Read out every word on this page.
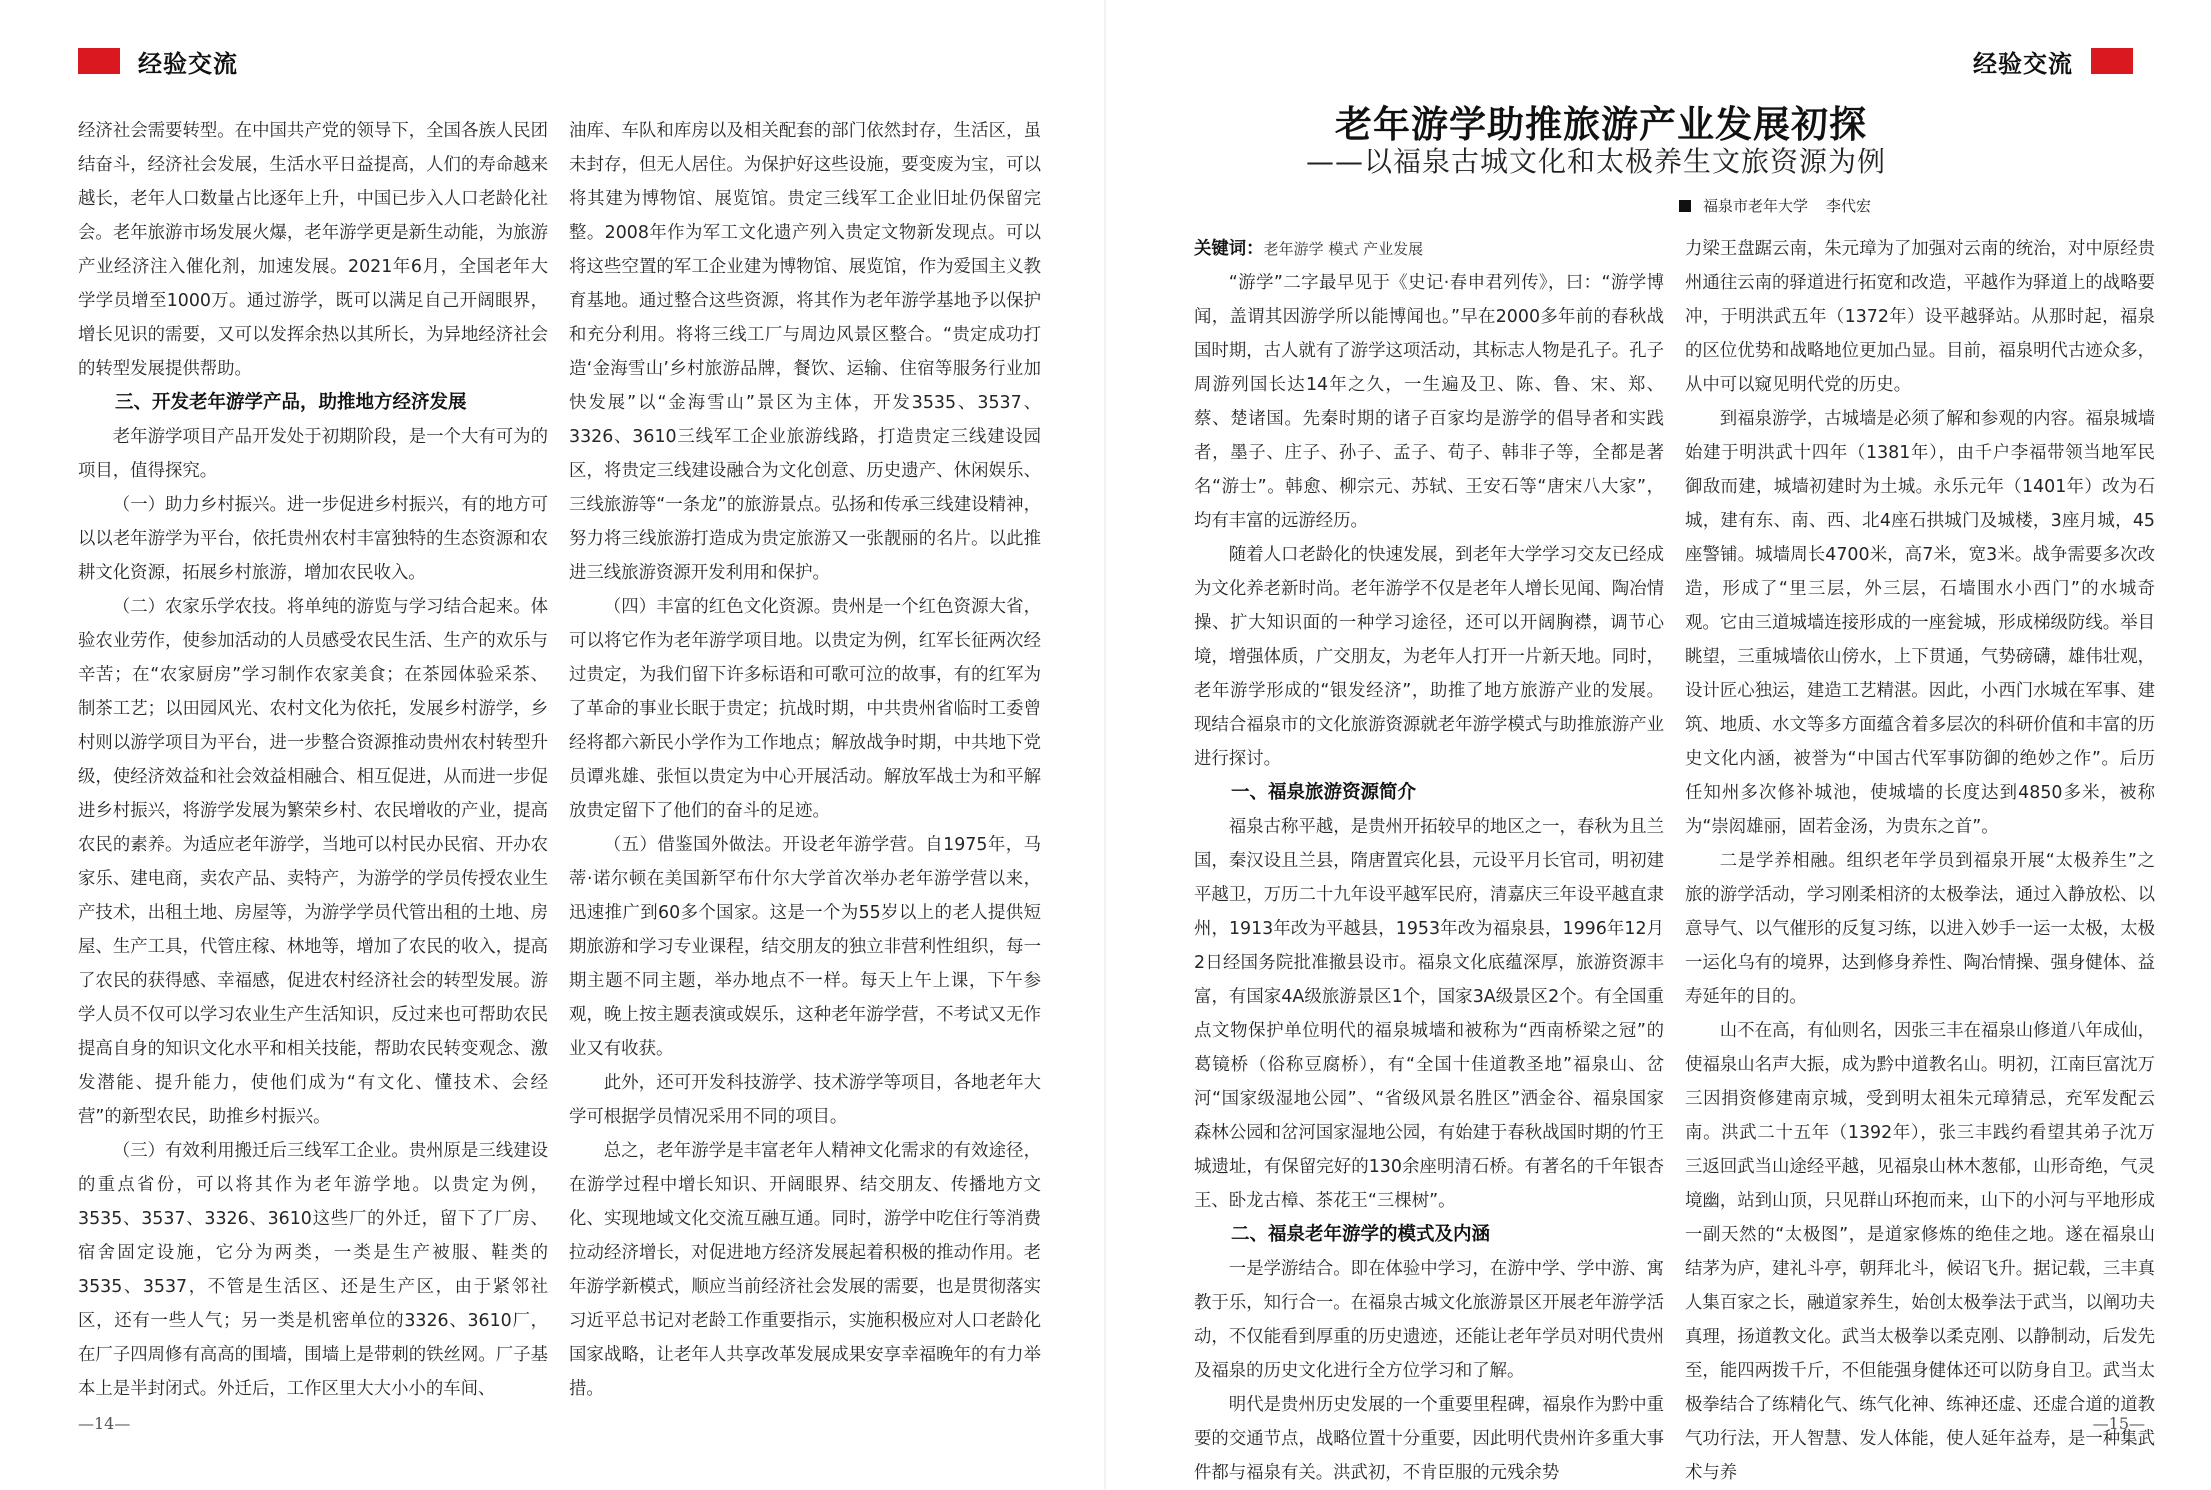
经验交流

经济社会需要转型。在中国共产党的领导下，全国各族人民团结奋斗，经济社会发展，生活水平日益提高，人们的寿命越来越长，老年人口数量占比逐年上升，中国已步入人口老龄化社会。老年旅游市场发展火爆，老年游学更是新生动能，为旅游产业经济注入催化剂，加速发展。2021年6月，全国老年大学学员增至1000万。通过游学，既可以满足自己开阔眼界，增长见识的需要，又可以发挥余热以其所长，为异地经济社会的转型发展提供帮助。

三、开发老年游学产品，助推地方经济发展

老年游学项目产品开发处于初期阶段，是一个大有可为的项目，值得探究。

（一）助力乡村振兴。进一步促进乡村振兴，有的地方可以以老年游学为平台，依托贵州农村丰富独特的生态资源和农耕文化资源，拓展乡村旅游，增加农民收入。

（二）农家乐学农技。将单纯的游览与学习结合起来。体验农业劳作，使参加活动的人员感受农民生活、生产的欢乐与辛苦；在“农家厨房”学习制作农家美食；在茶园体验采茶、制茶工艺；以田园风光、农村文化为依托，发展乡村游学，乡村则以游学项目为平台，进一步整合资源推动贵州农村转型升级，使经济效益和社会效益相融合、相互促进，从而进一步促进乡村振兴，将游学发展为繁荣乡村、农民增收的产业，提高农民的素养。为适应老年游学，当地可以村民办民宿、开办农家乐、建电商，卖农产品、卖特产，为游学的学员传授农业生产技术，出租土地、房屋等，为游学学员代管出租的土地、房屋、生产工具，代管庄稼、林地等，增加了农民的收入，提高了农民的获得感、幸福感，促进农村经济社会的转型发展。游学人员不仅可以学习农业生产生活知识，反过来也可帮助农民提高自身的知识文化水平和相关技能，帮助农民转变观念、激发潜能、提升能力，使他们成为“有文化、懂技术、会经营”的新型农民，助推乡村振兴。

（三）有效利用搬迁后三线军工企业。贵州原是三线建设的重点省份，可以将其作为老年游学地。以贵定为例，3535、3537、3326、3610这些厂的外迁，留下了厂房、宿舍固定设施，它分为两类，一类是生产被服、鞋类的3535、3537，不管是生活区、还是生产区，由于紧邻社区，还有一些人气；另一类是机密单位的3326、3610厂，在厂子四周修有高高的围墙，围墙上是带刺的铁丝网。厂子基本上是半封闭式。外迁后，工作区里大大小小的车间、

油库、车队和库房以及相关配套的部门依然封存，生活区，虽未封存，但无人居住。为保护好这些设施，要变废为宝，可以将其建为博物馆、展览馆。贵定三线军工企业旧址仍保留完整。2008年作为军工文化遗产列入贵定文物新发现点。可以将这些空置的军工企业建为博物馆、展览馆，作为爱国主义教育基地。通过整合这些资源，将其作为老年游学基地予以保护和充分利用。将将三线工厂与周边风景区整合。“贵定成功打造‘金海雪山’乡村旅游品牌，餐饮、运输、住宿等服务行业加快发展”以“金海雪山”景区为主体，开发3535、3537、3326、3610三线军工企业旅游线路，打造贵定三线建设园区，将贵定三线建设融合为文化创意、历史遗产、休闲娱乐、三线旅游等“一条龙”的旅游景点。弘扬和传承三线建设精神，努力将三线旅游打造成为贵定旅游又一张靓丽的名片。以此推进三线旅游资源开发利用和保护。

（四）丰富的红色文化资源。贵州是一个红色资源大省，可以将它作为老年游学项目地。以贵定为例，红军长征两次经过贵定，为我们留下许多标语和可歌可泣的故事，有的红军为了革命的事业长眠于贵定；抗战时期，中共贵州省临时工委曾经将都六新民小学作为工作地点；解放战争时期，中共地下党员谭兆雄、张恒以贵定为中心开展活动。解放军战士为和平解放贵定留下了他们的奋斗的足迹。

（五）借鉴国外做法。开设老年游学营。自1975年，马蒂·诺尔顿在美国新罕布什尔大学首次举办老年游学营以来，迅速推广到60多个国家。这是一个为55岁以上的老人提供短期旅游和学习专业课程，结交朋友的独立非营利性组织，每一期主题不同主题，举办地点不一样。每天上午上课，下午参观，晚上按主题表演或娱乐，这种老年游学营，不考试又无作业又有收获。

此外，还可开发科技游学、技术游学等项目，各地老年大学可根据学员情况采用不同的项目。

总之，老年游学是丰富老年人精神文化需求的有效途径，在游学过程中增长知识、开阔眼界、结交朋友、传播地方文化、实现地域文化交流互融互通。同时，游学中吃住行等消费拉动经济增长，对促进地方经济发展起着积极的推动作用。老年游学新模式，顺应当前经济社会发展的需要，也是贯彻落实习近平总书记对老龄工作重要指示，实施积极应对人口老龄化国家战略，让老年人共享改革发展成果安享幸福晚年的有力举措。

—14—
经验交流
老年游学助推旅游产业发展初探
——以福泉古城文化和太极养生文旅资源为例
福泉市老年大学 李代宏

关键词：老年游学 模式 产业发展

“游学”二字最早见于《史记·春申君列传》，曰：“游学博闻，盖谓其因游学所以能博闻也。”早在2000多年前的春秋战国时期，古人就有了游学这项活动，其标志人物是孔子。孔子周游列国长达14年之久，一生遍及卫、陈、鲁、宋、郑、蔡、楚诸国。先秦时期的诸子百家均是游学的倡导者和实践者，墨子、庄子、孙子、孟子、荀子、韩非子等，全都是著名“游士”。韩愈、柳宗元、苏轼、王安石等“唐宋八大家”，均有丰富的远游经历。

随着人口老龄化的快速发展，到老年大学学习交友已经成为文化养老新时尚。老年游学不仅是老年人增长见闻、陶冶情操、扩大知识面的一种学习途径，还可以开阔胸襟，调节心境，增强体质，广交朋友，为老年人打开一片新天地。同时，老年游学形成的“银发经济”，助推了地方旅游产业的发展。现结合福泉市的文化旅游资源就老年游学模式与助推旅游产业进行探讨。

一、福泉旅游资源简介

福泉古称平越，是贵州开拓较早的地区之一，春秋为且兰国，秦汉设且兰县，隋唐置宾化县，元设平月长官司，明初建平越卫，万历二十九年设平越军民府，清嘉庆三年设平越直隶州，1913年改为平越县，1953年改为福泉县，1996年12月2日经国务院批准撤县设市。福泉文化底蕴深厚，旅游资源丰富，有国家4A级旅游景区1个，国家3A级景区2个。有全国重点文物保护单位明代的福泉城墙和被称为“西南桥梁之冠”的葛镜桥（俗称豆腐桥），有“全国十佳道教圣地”福泉山、岔河“国家级湿地公园”、“省级风景名胜区”洒金谷、福泉国家森林公园和岔河国家湿地公园，有始建于春秋战国时期的竹王城遗址，有保留完好的130余座明清石桥。有著名的千年银杏王、卧龙古樟、茶花王“三棵树”。

二、福泉老年游学的模式及内涵

一是学游结合。即在体验中学习，在游中学、学中游、寓教于乐，知行合一。在福泉古城文化旅游景区开展老年游学活动，不仅能看到厚重的历史遗迹，还能让老年学员对明代贵州及福泉的历史文化进行全方位学习和了解。

明代是贵州历史发展的一个重要里程碑，福泉作为黔中重要的交通节点，战略位置十分重要，因此明代贵州许多重大事件都与福泉有关。洪武初，不肯臣服的元残余势

力梁王盘踞云南，朱元璋为了加强对云南的统治，对中原经贵州通往云南的驿道进行拓宽和改造，平越作为驿道上的战略要冲，于明洪武五年（1372年）设平越驿站。从那时起，福泉的区位优势和战略地位更加凸显。目前，福泉明代古迹众多，从中可以窥见明代党的历史。

到福泉游学，古城墙是必须了解和参观的内容。福泉城墙始建于明洪武十四年（1381年），由千户李福带领当地军民御敌而建，城墙初建时为土城。永乐元年（1401年）改为石城，建有东、南、西、北4座石拱城门及城楼，3座月城，45座警铺。城墙周长4700米，高7米，宽3米。战争需要多次改造，形成了“里三层，外三层，石墙围水小西门”的水城奇观。它由三道城墙连接形成的一座瓮城，形成梯级防线。举目眺望，三重城墙依山傍水，上下贯通，气势磅礴，雄伟壮观，设计匠心独运，建造工艺精湛。因此，小西门水城在军事、建筑、地质、水文等多方面蕴含着多层次的科研价值和丰富的历史文化内涵，被誉为“中国古代军事防御的绝妙之作”。后历任知州多次修补城池，使城墙的长度达到4850多米，被称为“崇闳雄丽，固若金汤，为贵东之首”。

二是学养相融。组织老年学员到福泉开展“太极养生”之旅的游学活动，学习刚柔相济的太极拳法，通过入静放松、以意导气、以气催形的反复习练，以进入妙手一运一太极，太极一运化乌有的境界，达到修身养性、陶冶情操、强身健体、益寿延年的目的。

山不在高，有仙则名，因张三丰在福泉山修道八年成仙，使福泉山名声大振，成为黔中道教名山。明初，江南巨富沈万三因捐资修建南京城，受到明太祖朱元璋猜忌，充军发配云南。洪武二十五年（1392年），张三丰践约看望其弟子沈万三返回武当山途经平越，见福泉山林木葱郁，山形奇绝，气灵境幽，站到山顶，只见群山环抱而来，山下的小河与平地形成一副天然的“太极图”，是道家修炼的绝佳之地。遂在福泉山结茅为庐，建礼斗亭，朝拜北斗，候诏飞升。据记载，三丰真人集百家之长，融道家养生，始创太极拳法于武当，以阐功夫真理，扬道教文化。武当太极拳以柔克刚、以静制动，后发先至，能四两拨千斤，不但能强身健体还可以防身自卫。武当太极拳结合了练精化气、练气化神、练神还虚、还虚合道的道教气功行法，开人智慧、发人体能，使人延年益寿，是一种集武术与养

—15—
